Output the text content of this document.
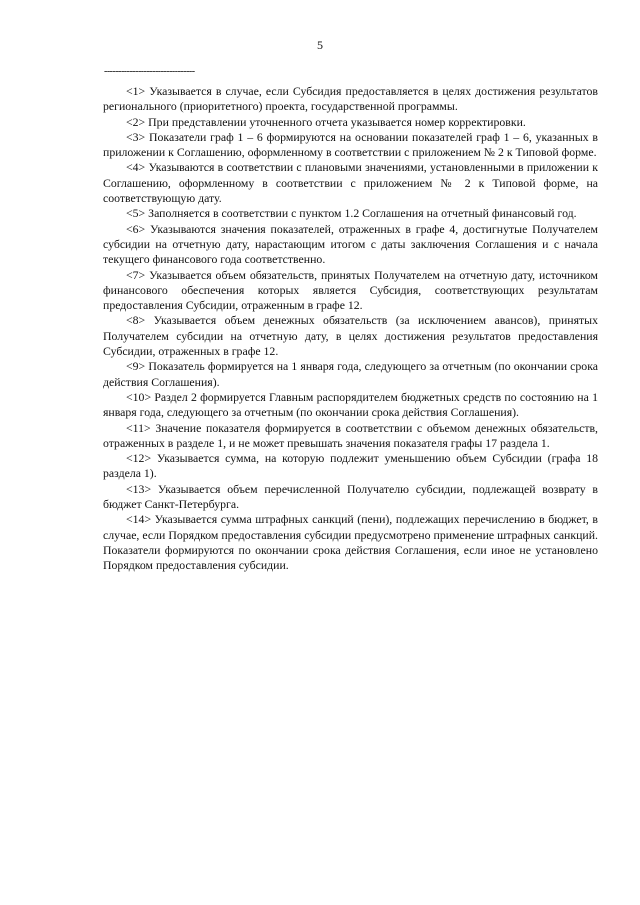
5
--------------------------------

<1> Указывается в случае, если Субсидия предоставляется в целях достижения результатов регионального (приоритетного) проекта, государственной программы.

<2> При представлении уточненного отчета указывается номер корректировки.

<3> Показатели граф 1 – 6 формируются на основании показателей граф 1 – 6, указанных в приложении к Соглашению, оформленному в соответствии с приложением № 2 к Типовой форме.

<4> Указываются в соответствии с плановыми значениями, установленными в приложении к Соглашению, оформленному в соответствии с приложением № 2 к Типовой форме, на соответствующую дату.

<5> Заполняется в соответствии с пунктом 1.2 Соглашения на отчетный финансовый год.

<6> Указываются значения показателей, отраженных в графе 4, достигнутые Получателем субсидии на отчетную дату, нарастающим итогом с даты заключения Соглашения и с начала текущего финансового года соответственно.

<7> Указывается объем обязательств, принятых Получателем на отчетную дату, источником финансового обеспечения которых является Субсидия, соответствующих результатам предоставления Субсидии, отраженным в графе 12.

<8> Указывается объем денежных обязательств (за исключением авансов), принятых Получателем субсидии на отчетную дату, в целях достижения результатов предоставления Субсидии, отраженных в графе 12.

<9> Показатель формируется на 1 января года, следующего за отчетным (по окончании срока действия Соглашения).

<10> Раздел 2 формируется Главным распорядителем бюджетных средств по состоянию на 1 января года, следующего за отчетным (по окончании срока действия Соглашения).

<11> Значение показателя формируется в соответствии с объемом денежных обязательств, отраженных в разделе 1, и не может превышать значения показателя графы 17 раздела 1.

<12> Указывается сумма, на которую подлежит уменьшению объем Субсидии (графа 18 раздела 1).

<13> Указывается объем перечисленной Получателю субсидии, подлежащей возврату в бюджет Санкт-Петербурга.

<14> Указывается сумма штрафных санкций (пени), подлежащих перечислению в бюджет, в случае, если Порядком предоставления субсидии предусмотрено применение штрафных санкций. Показатели формируются по окончании срока действия Соглашения, если иное не установлено Порядком предоставления субсидии.
